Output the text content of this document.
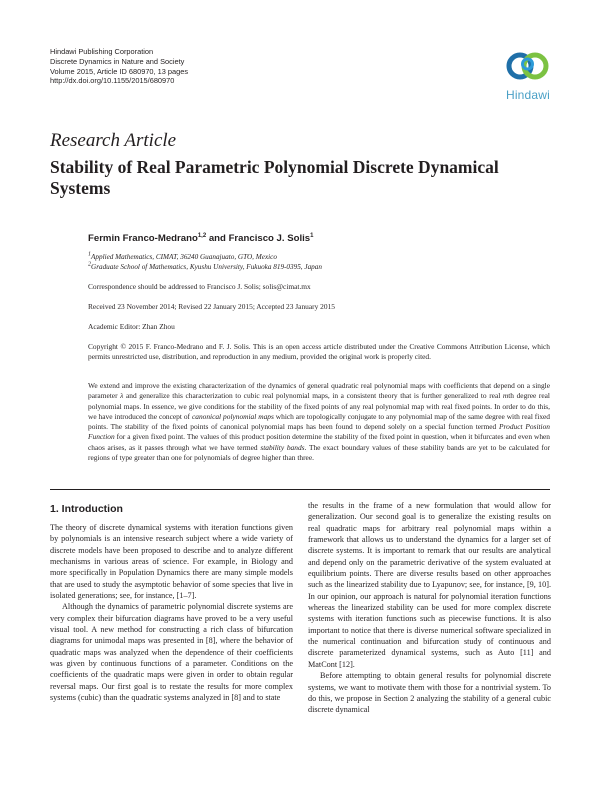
Hindawi Publishing Corporation
Discrete Dynamics in Nature and Society
Volume 2015, Article ID 680970, 13 pages
http://dx.doi.org/10.1155/2015/680970
Hindawi
Research Article
Stability of Real Parametric Polynomial Discrete Dynamical Systems
Fermin Franco-Medrano$^{1,2}$ and Francisco J. Solis$^1$
$^1$Applied Mathematics, CIMAT, 36240 Guanajuato, GTO, Mexico
$^2$Graduate School of Mathematics, Kyushu University, Fukuoka 819-0395, Japan
Correspondence should be addressed to Francisco J. Solis; solis@cimat.mx
Received 23 November 2014; Revised 22 January 2015; Accepted 23 January 2015
Academic Editor: Zhan Zhou
Copyright © 2015 F. Franco-Medrano and F. J. Solis. This is an open access article distributed under the Creative Commons Attribution License, which permits unrestricted use, distribution, and reproduction in any medium, provided the original work is properly cited.

We extend and improve the existing characterization of the dynamics of general quadratic real polynomial maps with coefficients that depend on a single parameter λ and generalize this characterization to cubic real polynomial maps, in a consistent theory that is further generalized to real mth degree real polynomial maps. In essence, we give conditions for the stability of the fixed points of any real polynomial map with real fixed points. In order to do this, we have introduced the concept of canonical polynomial maps which are topologically conjugate to any polynomial map of the same degree with real fixed points. The stability of the fixed points of canonical polynomial maps has been found to depend solely on a special function termed Product Position Function for a given fixed point. The values of this product position determine the stability of the fixed point in question, when it bifurcates and even when chaos arises, as it passes through what we have termed stability bands. The exact boundary values of these stability bands are yet to be calculated for regions of type greater than one for polynomials of degree higher than three.

1. Introduction

The theory of discrete dynamical systems with iteration functions given by polynomials is an intensive research subject where a wide variety of discrete models have been proposed to describe and to analyze different mechanisms in various areas of science. For example, in Biology and more specifically in Population Dynamics there are many simple models that are used to study the asymptotic behavior of some species that live in isolated generations; see, for instance, [1–7].

Although the dynamics of parametric polynomial discrete systems are very complex their bifurcation diagrams have proved to be a very useful visual tool. A new method for constructing a rich class of bifurcation diagrams for unimodal maps was presented in [8], where the behavior of quadratic maps was analyzed when the dependence of their coefficients was given by continuous functions of a parameter. Conditions on the coefficients of the quadratic maps were given in order to obtain regular reversal maps. Our first goal is to restate the results for more complex systems (cubic) than the quadratic systems analyzed in [8] and to state

the results in the frame of a new formulation that would allow for generalization. Our second goal is to generalize the existing results on real quadratic maps for arbitrary real polynomial maps within a framework that allows us to understand the dynamics for a larger set of discrete systems. It is important to remark that our results are analytical and depend only on the parametric derivative of the system evaluated at equilibrium points. There are diverse results based on other approaches such as the linearized stability due to Lyapunov; see, for instance, [9, 10]. In our opinion, our approach is natural for polynomial iteration functions whereas the linearized stability can be used for more complex discrete systems with iteration functions such as piecewise functions. It is also important to notice that there is diverse numerical software specialized in the numerical continuation and bifurcation study of continuous and discrete parameterized dynamical systems, such as Auto [11] and MatCont [12].

Before attempting to obtain general results for polynomial discrete systems, we want to motivate them with those for a nontrivial system. To do this, we propose in Section 2 analyzing the stability of a general cubic discrete dynamical
